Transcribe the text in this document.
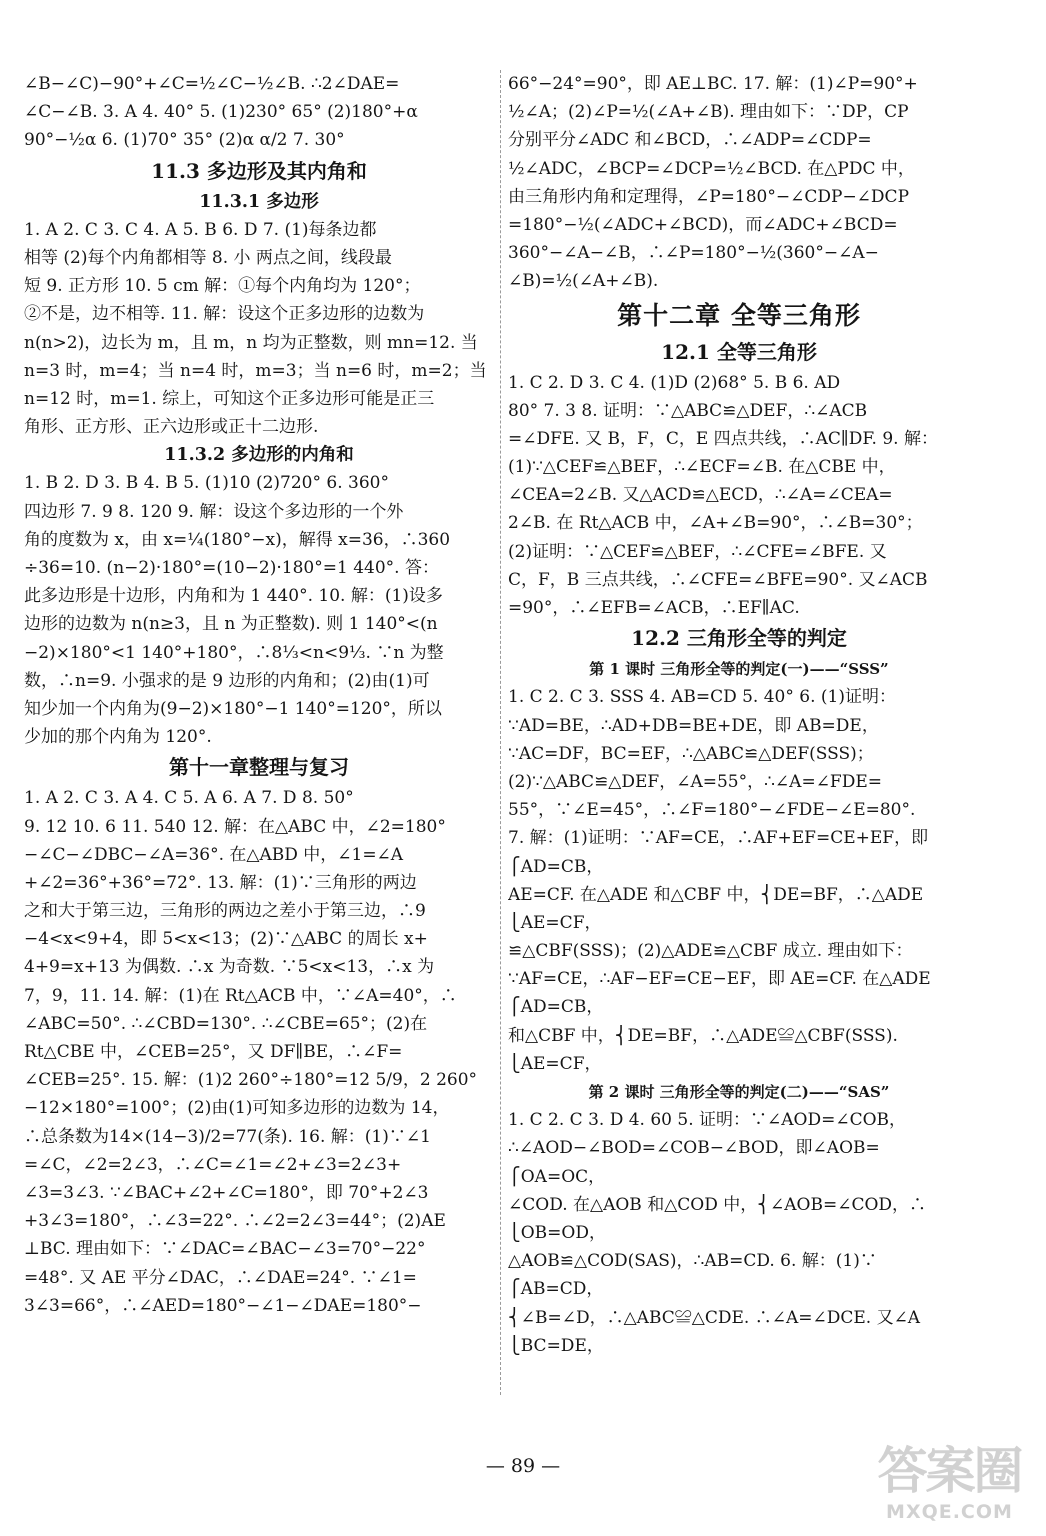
∠B−∠C)−90°+∠C=½∠C−½∠B. ∴2∠DAE=
∠C−∠B. 3. A 4. 40° 5. (1)230° 65° (2)180°+α
90°−½α 6. (1)70° 35° (2)α α/2 7. 30°
11.3 多边形及其内角和
11.3.1 多边形
1. A 2. C 3. C 4. A 5. B 6. D 7. (1)每条边都
相等 (2)每个内角都相等 8. 小 两点之间，线段最
短 9. 正方形 10. 5 cm 解：①每个内角均为 120°；
②不是，边不相等. 11. 解：设这个正多边形的边数为
n(n>2)，边长为 m，且 m，n 均为正整数，则 mn=12. 当
n=3 时，m=4；当 n=4 时，m=3；当 n=6 时，m=2；当
n=12 时，m=1. 综上，可知这个正多边形可能是正三
角形、正方形、正六边形或正十二边形.
11.3.2 多边形的内角和
1. B 2. D 3. B 4. B 5. (1)10 (2)720° 6. 360°
四边形 7. 9 8. 120 9. 解：设这个多边形的一个外
角的度数为 x，由 x=¼(180°−x)，解得 x=36，∴360
÷36=10. (n−2)·180°=(10−2)·180°=1 440°. 答：
此多边形是十边形，内角和为 1 440°. 10. 解：(1)设多
边形的边数为 n(n≥3，且 n 为正整数). 则 1 140°<(n
−2)×180°<1 140°+180°，∴8⅓<n<9⅓. ∵n 为整
数，∴n=9. 小强求的是 9 边形的内角和；(2)由(1)可
知少加一个内角为(9−2)×180°−1 140°=120°，所以
少加的那个内角为 120°.
第十一章整理与复习
1. A 2. C 3. A 4. C 5. A 6. A 7. D 8. 50°
9. 12 10. 6 11. 540 12. 解：在△ABC 中，∠2=180°
−∠C−∠DBC−∠A=36°. 在△ABD 中，∠1=∠A
+∠2=36°+36°=72°. 13. 解：(1)∵三角形的两边
之和大于第三边，三角形的两边之差小于第三边，∴9
−4<x<9+4，即 5<x<13；(2)∵△ABC 的周长 x+
4+9=x+13 为偶数. ∴x 为奇数. ∵5<x<13，∴x 为
7，9，11. 14. 解：(1)在 Rt△ACB 中，∵∠A=40°，∴
∠ABC=50°. ∴∠CBD=130°. ∴∠CBE=65°；(2)在
Rt△CBE 中，∠CEB=25°，又 DF∥BE，∴∠F=
∠CEB=25°. 15. 解：(1)2 260°÷180°=12 5/9，2 260°
−12×180°=100°；(2)由(1)可知多边形的边数为 14，
∴总条数为14×(14−3)/2=77(条). 16. 解：(1)∵∠1
=∠C，∠2=2∠3，∴∠C=∠1=∠2+∠3=2∠3+
∠3=3∠3. ∵∠BAC+∠2+∠C=180°，即 70°+2∠3
+3∠3=180°，∴∠3=22°. ∴∠2=2∠3=44°；(2)AE
⊥BC. 理由如下：∵∠DAC=∠BAC−∠3=70°−22°
=48°. 又 AE 平分∠DAC，∴∠DAE=24°. ∵∠1=
3∠3=66°，∴∠AED=180°−∠1−∠DAE=180°−
66°−24°=90°，即 AE⊥BC. 17. 解：(1)∠P=90°+
½∠A；(2)∠P=½(∠A+∠B). 理由如下：∵DP，CP
分别平分∠ADC 和∠BCD，∴∠ADP=∠CDP=
½∠ADC，∠BCP=∠DCP=½∠BCD. 在△PDC 中，
由三角形内角和定理得，∠P=180°−∠CDP−∠DCP
=180°−½(∠ADC+∠BCD)，而∠ADC+∠BCD=
360°−∠A−∠B，∴∠P=180°−½(360°−∠A−
∠B)=½(∠A+∠B).
第十二章 全等三角形
12.1 全等三角形
1. C 2. D 3. C 4. (1)D (2)68° 5. B 6. AD
80° 7. 3 8. 证明：∵△ABC≌△DEF，∴∠ACB
=∠DFE. 又 B，F，C，E 四点共线，∴AC∥DF. 9. 解：
(1)∵△CEF≌△BEF，∴∠ECF=∠B. 在△CBE 中，
∠CEA=2∠B. 又△ACD≌△ECD，∴∠A=∠CEA=
2∠B. 在 Rt△ACB 中，∠A+∠B=90°，∴∠B=30°；
(2)证明：∵△CEF≌△BEF，∴∠CFE=∠BFE. 又
C，F，B 三点共线，∴∠CFE=∠BFE=90°. 又∠ACB
=90°，∴∠EFB=∠ACB，∴EF∥AC.
12.2 三角形全等的判定
第 1 课时 三角形全等的判定(一)——“SSS”
1. C 2. C 3. SSS 4. AB=CD 5. 40° 6. (1)证明：
∵AD=BE，∴AD+DB=BE+DE，即 AB=DE，
∵AC=DF，BC=EF，∴△ABC≌△DEF(SSS)；
(2)∵△ABC≌△DEF，∠A=55°，∴∠A=∠FDE=
55°，∵∠E=45°，∴∠F=180°−∠FDE−∠E=80°.
7. 解：(1)证明：∵AF=CE，∴AF+EF=CE+EF，即
⎧AD=CB，
AE=CF. 在△ADE 和△CBF 中，⎨DE=BF，∴△ADE
⎩AE=CF，
≌△CBF(SSS)；(2)△ADE≌△CBF 成立. 理由如下：
∵AF=CE，∴AF−EF=CE−EF，即 AE=CF. 在△ADE
⎧AD=CB，
和△CBF 中，⎨DE=BF，∴△ADE≌△CBF(SSS).
⎩AE=CF，
第 2 课时 三角形全等的判定(二)——“SAS”
1. C 2. C 3. D 4. 60 5. 证明：∵∠AOD=∠COB，
∴∠AOD−∠BOD=∠COB−∠BOD，即∠AOB=
⎧OA=OC，
∠COD. 在△AOB 和△COD 中，⎨∠AOB=∠COD，∴
⎩OB=OD，
△AOB≌△COD(SAS)，∴AB=CD. 6. 解：(1)∵
⎧AB=CD，
⎨∠B=∠D，∴△ABC≌△CDE. ∴∠A=∠DCE. 又∠A
⎩BC=DE，
— 89 —	答案圈
MXQE.COM
